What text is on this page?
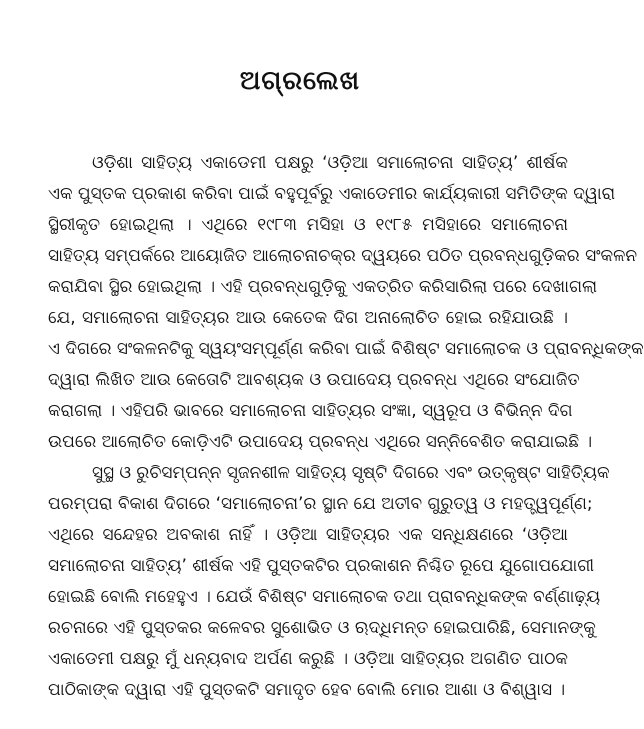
ଅଗ୍ରଲେଖ
ଓଡ଼ିଶା ସାହିତ୍ୟ ଏକାଡେମୀ ପକ୍ଷରୁ ‘ଓଡ଼ିଆ ସମାଲୋଚନା ସାହିତ୍ୟ’ ଶୀର୍ଷକ
ଏକ ପୁସ୍ତକ ପ୍ରକାଶ କରିବା ପାଇଁ ବହୁପୂର୍ବରୁ ଏକାଡେମୀର କାର୍ଯ୍ୟକାରୀ ସମିତିଙ୍କ ଦ୍ୱାରା
ସ୍ଥିରୀକୃତ ହୋଇଥିଲା । ଏଥିରେ ୧୯୮୩ ମସିହା ଓ ୧୯୮୫ ମସିହାରେ ସମାଲୋଚନା
ସାହିତ୍ୟ ସମ୍ପର୍କରେ ଆୟୋଜିତ ଆଲୋଚନାଚକ୍ର ଦ୍ୱୟରେ ପଠିତ ପ୍ରବନ୍ଧଗୁଡ଼ିକର ସଂକଳନ
କରାଯିବା ସ୍ଥିର ହୋଇଥିଲା । ଏହି ପ୍ରବନ୍ଧଗୁଡ଼ିକୁ ଏକତ୍ରିତ କରିସାରିଲା ପରେ ଦେଖାଗଲା
ଯେ, ସମାଲୋଚନା ସାହିତ୍ୟର ଆଉ କେତେକ ଦିଗ ଅନାଲୋଚିତ ହୋଇ ରହିଯାଉଛି ।
ଏ ଦିଗରେ ସଂକଳନଟିକୁ ସ୍ୱୟଂସମ୍ପୂର୍ଣ୍ଣ କରିବା ପାଇଁ ବିଶିଷ୍ଟ ସମାଲୋଚକ ଓ ପ୍ରାବନ୍ଧିକଙ୍କ
ଦ୍ୱାରା ଲିଖିତ ଆଉ କେତୋଟି ଆବଶ୍ୟକ ଓ ଉପାଦେୟ ପ୍ରବନ୍ଧ ଏଥିରେ ସଂଯୋଜିତ
କରାଗଲା । ଏହିପରି ଭାବରେ ସମାଲୋଚନା ସାହିତ୍ୟର ସଂଜ୍ଞା, ସ୍ୱରୂପ ଓ ବିଭିନ୍ନ ଦିଗ
ଉପରେ ଆଲୋଚିତ କୋଡ଼ିଏଟି ଉପାଦେୟ ପ୍ରବନ୍ଧ ଏଥିରେ ସନ୍ନିବେଶିତ କରାଯାଇଛି ।
ସୁସ୍ଥ ଓ ରୁଚିସମ୍ପନ୍ନ ସୃଜନଶୀଳ ସାହିତ୍ୟ ସୃଷ୍ଟି ଦିଗରେ ଏବଂ ଉତ୍କୃଷ୍ଟ ସାହିତ୍ୟିକ
ପରମ୍ପରା ବିକାଶ ଦିଗରେ ‘ସମାଲୋଚନା’ର ସ୍ଥାନ ଯେ ଅତୀବ ଗୁରୁତ୍ୱ ଓ ମହତ୍ତ୍ୱପୂର୍ଣ୍ଣ;
ଏଥିରେ ସନ୍ଦେହର ଅବକାଶ ନାହିଁ । ଓଡ଼ିଆ ସାହିତ୍ୟର ଏକ ସନ୍ଧିକ୍ଷଣରେ ‘ଓଡ଼ିଆ
ସମାଲୋଚନା ସାହିତ୍ୟ’ ଶୀର୍ଷକ ଏହି ପୁସ୍ତକଟିର ପ୍ରକାଶନ ନିଶ୍ଚିତ ରୂପେ ଯୁଗୋପଯୋଗୀ
ହୋଇଛି ବୋଲି ମହେହୁଏ । ଯେଉଁ ବିଶିଷ୍ଟ ସମାଲୋଚକ ତଥା ପ୍ରାବନ୍ଧିକଙ୍କ ବର୍ଣ୍ଣାଢ଼୍ୟ
ରଚନାରେ ଏହି ପୁସ୍ତକର କଳେବର ସୁଶୋଭିତ ଓ ଋଦ୍ଧିମନ୍ତ ହୋଇପାରିଛି, ସେମାନଙ୍କୁ
ଏକାଡେମୀ ପକ୍ଷରୁ ମୁଁ ଧନ୍ୟବାଦ ଅର୍ପଣ କରୁଛି । ଓଡ଼ିଆ ସାହିତ୍ୟର ଅଗଣିତ ପାଠକ
ପାଠିକାଙ୍କ ଦ୍ୱାରା ଏହି ପୁସ୍ତକଟି ସମାଦୃତ ହେବ ବୋଲି ମୋର ଆଶା ଓ ବିଶ୍ୱାସ ।
